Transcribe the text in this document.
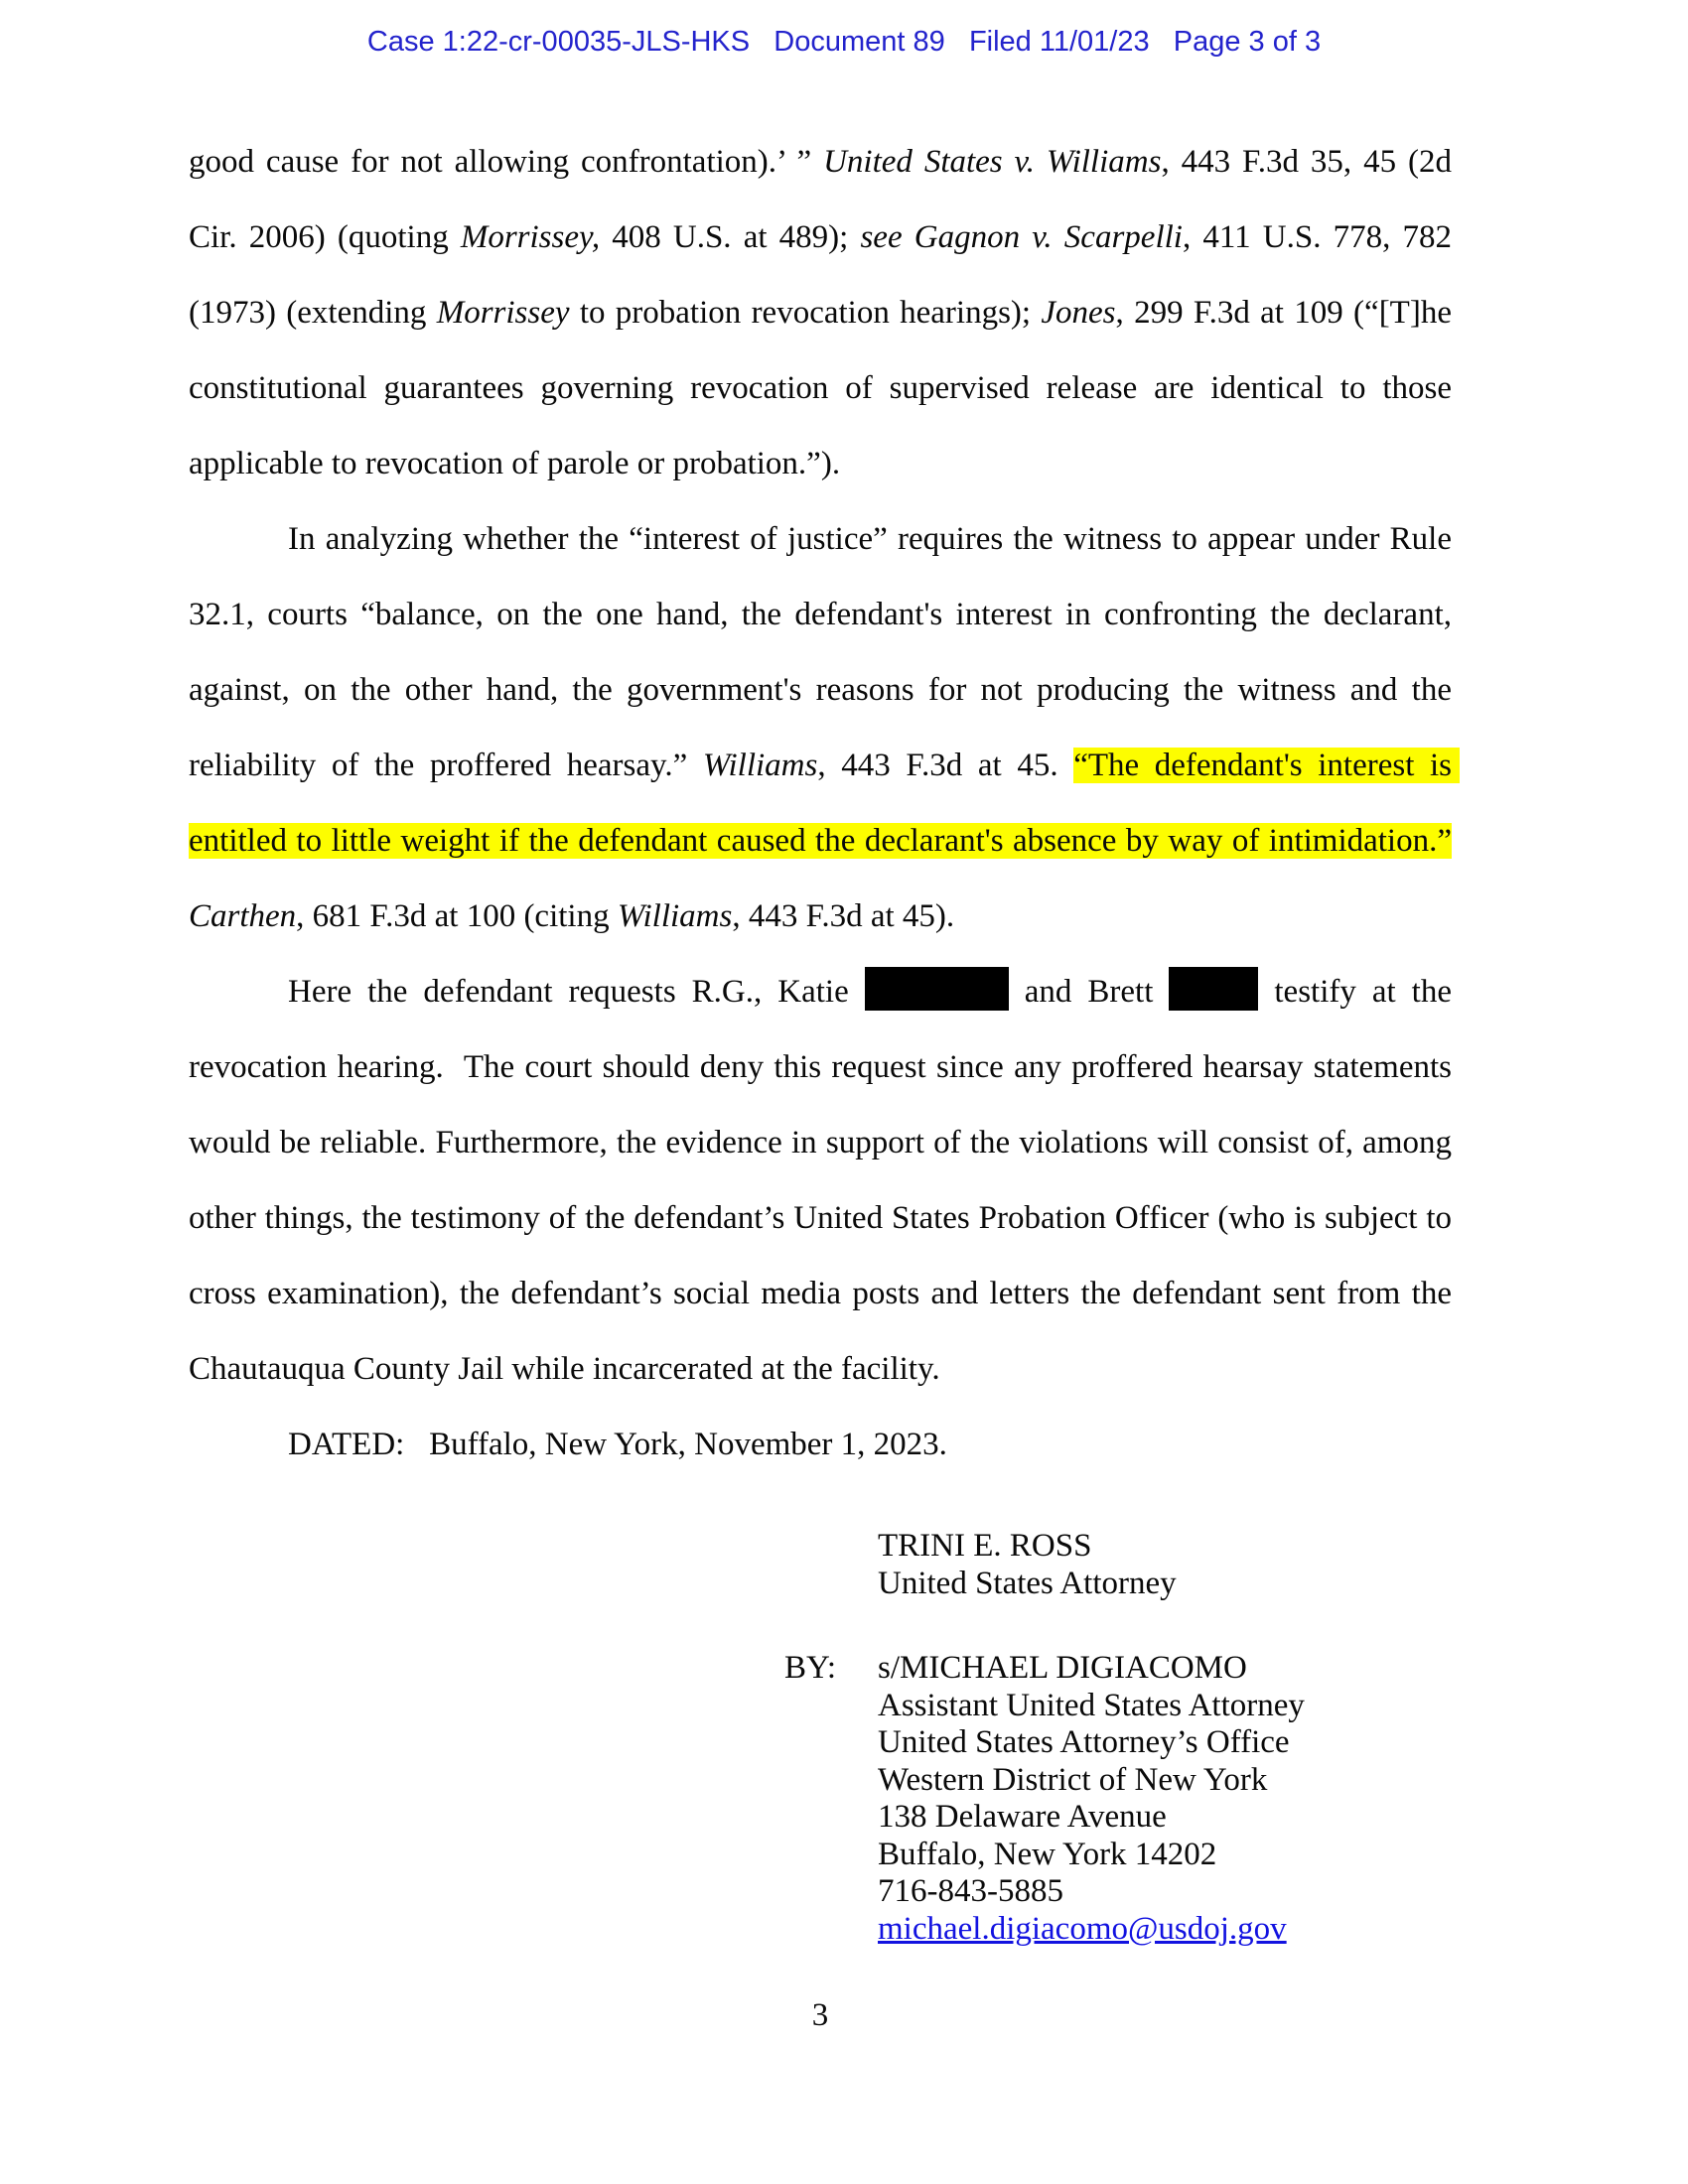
Case 1:22-cr-00035-JLS-HKS   Document 89   Filed 11/01/23   Page 3 of 3

good cause for not allowing confrontation).’ ” United States v. Williams, 443 F.3d 35, 45 (2d Cir. 2006) (quoting Morrissey, 408 U.S. at 489); see Gagnon v. Scarpelli, 411 U.S. 778, 782 (1973) (extending Morrissey to probation revocation hearings); Jones, 299 F.3d at 109 (“[T]he constitutional guarantees governing revocation of supervised release are identical to those applicable to revocation of parole or probation.”).

In analyzing whether the “interest of justice” requires the witness to appear under Rule 32.1, courts “balance, on the one hand, the defendant's interest in confronting the declarant, against, on the other hand, the government's reasons for not producing the witness and the reliability of the proffered hearsay.” Williams, 443 F.3d at 45. “The defendant's interest is entitled to little weight if the defendant caused the declarant's absence by way of intimidation.” Carthen, 681 F.3d at 100 (citing Williams, 443 F.3d at 45).

Here the defendant requests R.G., Katie	and Brett	testify at the revocation hearing.  The court should deny this request since any proffered hearsay statements would be reliable. Furthermore, the evidence in support of the violations will consist of, among other things, the testimony of the defendant’s United States Probation Officer (who is subject to cross examination), the defendant’s social media posts and letters the defendant sent from the Chautauqua County Jail while incarcerated at the facility.

DATED:   Buffalo, New York, November 1, 2023.

TRINI E. ROSS
United States Attorney
BY:	s/MICHAEL DIGIACOMO
Assistant United States Attorney
United States Attorney’s Office
Western District of New York
138 Delaware Avenue
Buffalo, New York 14202
716-843-5885
michael.digiacomo@usdoj.gov
3
